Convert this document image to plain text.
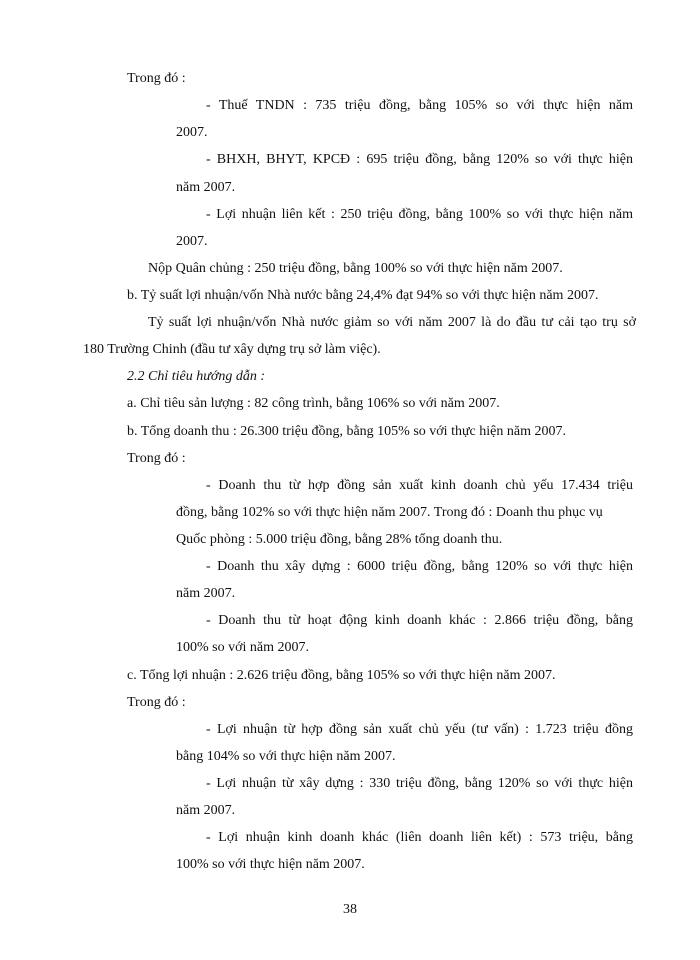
Trong đó :
- Thuế TNDN : 735 triệu đồng, bằng 105% so với thực hiện năm
2007.
- BHXH, BHYT, KPCĐ : 695 triệu đồng, bằng 120% so với thực hiện
năm 2007.
- Lợi nhuận liên kết : 250 triệu đồng, bằng 100% so với thực hiện năm
2007.
Nộp Quân chủng : 250 triệu đồng, bằng 100% so với thực hiện năm 2007.
b. Tỷ suất lợi nhuận/vốn Nhà nước bằng 24,4% đạt 94% so với thực hiện năm 2007.
Tỷ suất lợi nhuận/vốn Nhà nước giảm so với năm 2007 là do đầu tư cải tạo trụ sở
180 Trường Chinh (đầu tư xây dựng trụ sở làm việc).
2.2 Chỉ tiêu hướng dẫn :
a. Chỉ tiêu sản lượng : 82 công trình, bằng 106% so với năm 2007.
b. Tổng doanh thu : 26.300 triệu đồng, bằng 105% so với thực hiện năm 2007.
Trong đó :
- Doanh thu từ hợp đồng sản xuất kinh doanh chủ yếu 17.434 triệu
đồng, bằng 102% so với thực hiện năm 2007. Trong đó : Doanh thu phục vụ
Quốc phòng : 5.000 triệu đồng, bằng 28% tổng doanh thu.
- Doanh thu xây dựng : 6000 triệu đồng, bằng 120% so với thực hiện
năm 2007.
- Doanh thu từ hoạt động kinh doanh khác : 2.866 triệu đồng, bằng
100% so với năm 2007.
c. Tổng lợi nhuận : 2.626 triệu đồng, bằng 105% so với thực hiện năm 2007.
Trong đó :
- Lợi nhuận từ hợp đồng sản xuất chủ yếu (tư vấn) : 1.723 triệu đồng
bằng 104% so với thực hiện năm 2007.
- Lợi nhuận từ xây dựng : 330 triệu đồng, bằng 120% so với thực hiện
năm 2007.
- Lợi nhuận kinh doanh khác (liên doanh liên kết) : 573 triệu, bằng
100% so với thực hiện năm 2007.
38
